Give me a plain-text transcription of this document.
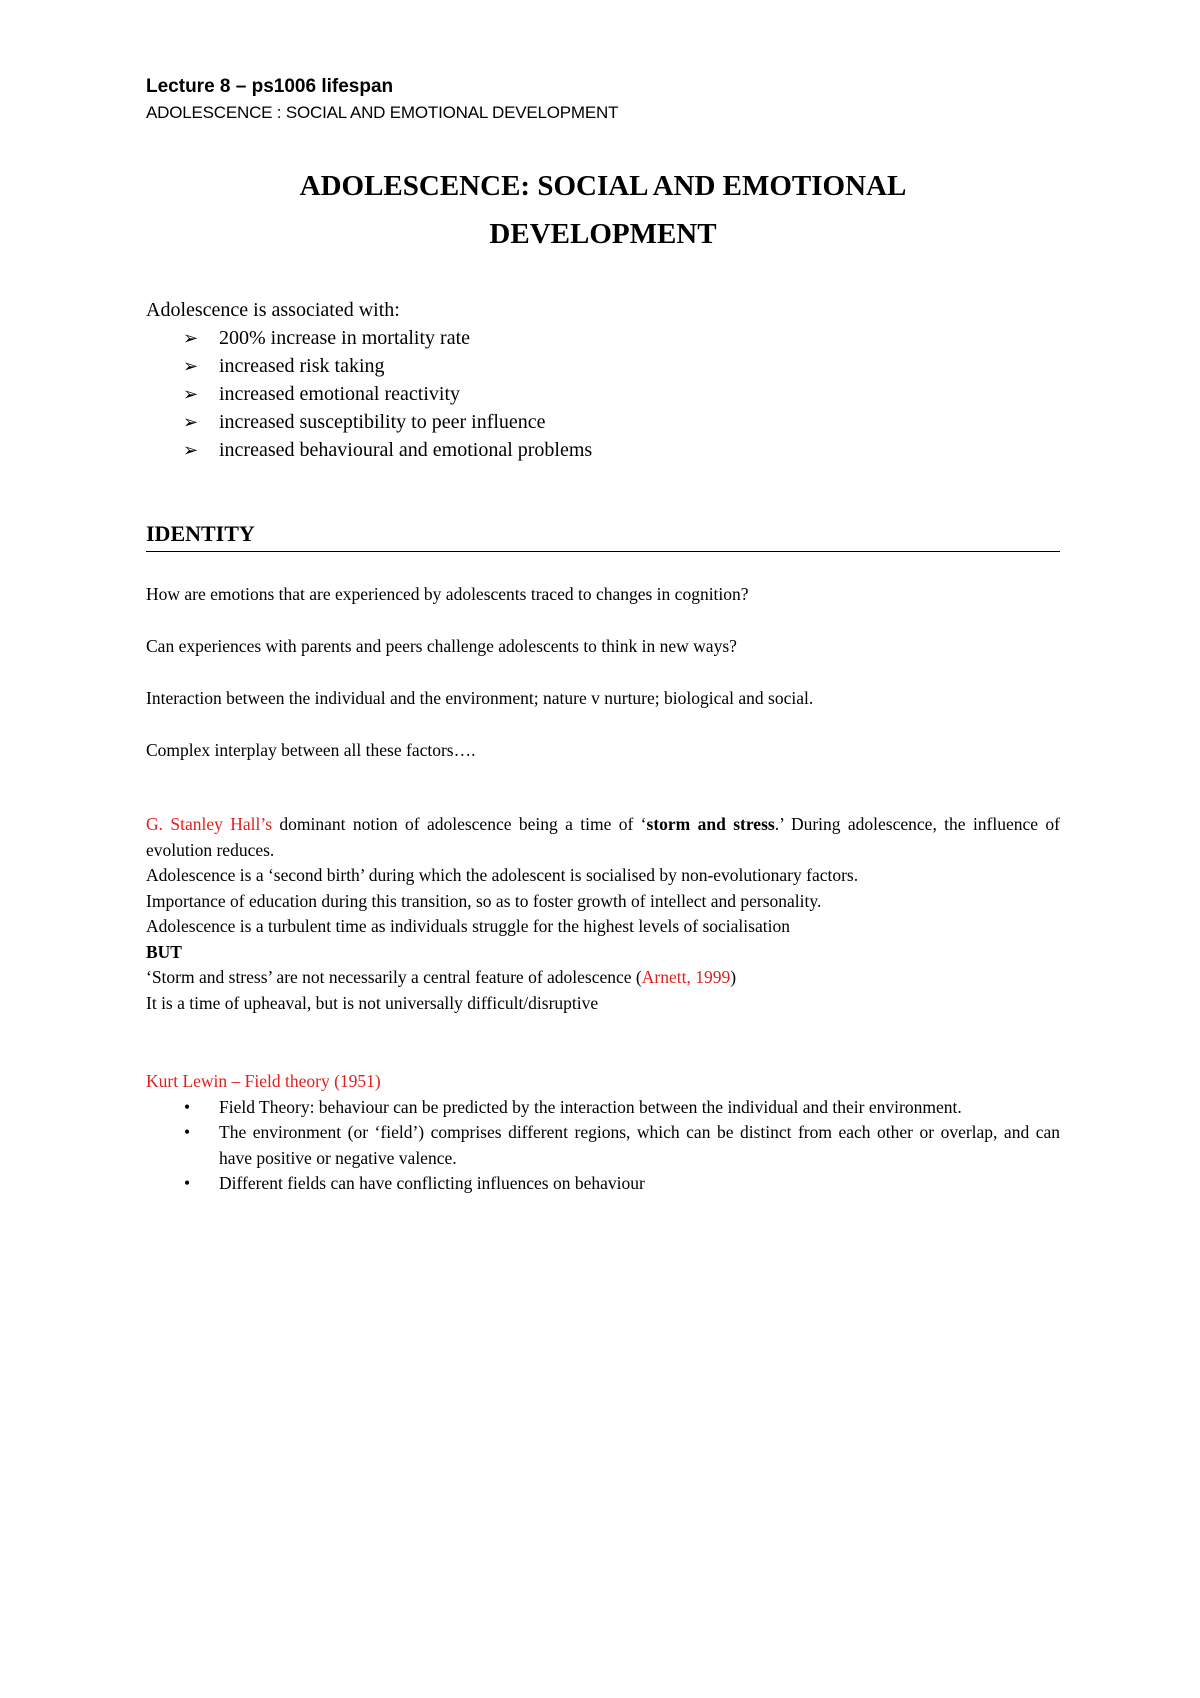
Lecture 8 – ps1006 lifespan
ADOLESCENCE : SOCIAL AND EMOTIONAL DEVELOPMENT
ADOLESCENCE: SOCIAL AND EMOTIONAL
DEVELOPMENT
Adolescence is associated with:
➢ 200% increase in mortality rate
➢ increased risk taking
➢ increased emotional reactivity
➢ increased susceptibility to peer influence
➢ increased behavioural and emotional problems
IDENTITY
How are emotions that are experienced by adolescents traced to changes in cognition?
Can experiences with parents and peers challenge adolescents to think in new ways?
Interaction between the individual and the environment; nature v nurture; biological and social.
Complex interplay between all these factors….

G. Stanley Hall’s dominant notion of adolescence being a time of ‘storm and stress.’ During adolescence, the influence of evolution reduces.

Adolescence is a ‘second birth’ during which the adolescent is socialised by non-evolutionary factors.

Importance of education during this transition, so as to foster growth of intellect and personality.

Adolescence is a turbulent time as individuals struggle for the highest levels of socialisation

BUT

‘Storm and stress’ are not necessarily a central feature of adolescence (Arnett, 1999)

It is a time of upheaval, but is not universally difficult/disruptive

Kurt Lewin – Field theory (1951)
• Field Theory: behaviour can be predicted by the interaction between the individual and their environment.
• The environment (or ‘field’) comprises different regions, which can be distinct from each other or overlap, and can have positive or negative valence.
• Different fields can have conflicting influences on behaviour
